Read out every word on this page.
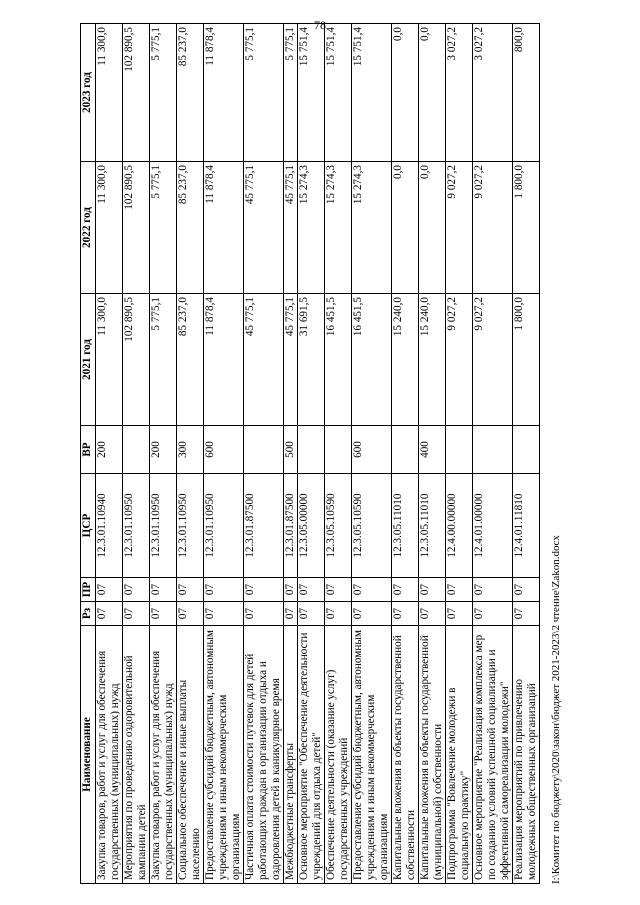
78
Наименование	Рз	ПР	ЦСР	ВР	2021 год	2022 год	2023 год
Закупка товаров, работ и услуг для обеспечения государственных (муниципальных) нужд	07	07	12.3.01.10940	200	11 300,0	11 300,0	11 300,0
Мероприятия по проведению оздоровительной кампании детей	07	07	12.3.01.10950		102 890,5	102 890,5	102 890,5
Закупка товаров, работ и услуг для обеспечения государственных (муниципальных) нужд	07	07	12.3.01.10950	200	5 775,1	5 775,1	5 775,1
Социальное обеспечение и иные выплаты населению	07	07	12.3.01.10950	300	85 237,0	85 237,0	85 237,0
Предоставление субсидий бюджетным, автономным учреждениям и иным некоммерческим организациям	07	07	12.3.01.10950	600	11 878,4	11 878,4	11 878,4
Частичная оплата стоимости путевок для детей работающих граждан в организации отдыха и оздоровления детей в каникулярное время	07	07	12.3.01.87500		45 775,1	45 775,1	5 775,1
Межбюджетные трансферты	07	07	12.3.01.87500	500	45 775,1	45 775,1	5 775,1
Основное мероприятие "Обеспечение деятельности учреждений для отдыха детей"	07	07	12.3.05.00000		31 691,5	15 274,3	15 751,4
Обеспечение деятельности (оказание услуг) государственных учреждений	07	07	12.3.05.10590		16 451,5	15 274,3	15 751,4
Предоставление субсидий бюджетным, автономным учреждениям и иным некоммерческим организациям	07	07	12.3.05.10590	600	16 451,5	15 274,3	15 751,4
Капитальные вложения в объекты государственной собственности	07	07	12.3.05.11010		15 240,0	0,0	0,0
Капитальные вложения в объекты государственной (муниципальной) собственности	07	07	12.3.05.11010	400	15 240,0	0,0	0,0
Подпрограмма "Вовлечение молодежи в социальную практику"	07	07	12.4.00.00000		9 027,2	9 027,2	3 027,2
Основное мероприятие "Реализация комплекса мер по созданию условий успешной социализации и эффективной самореализации молодежи"	07	07	12.4.01.00000		9 027,2	9 027,2	3 027,2
Реализация мероприятий по привлечению молодежных общественных организаций	07	07	12.4.01.11810		1 800,0	1 800,0	800,0
I:\Комитет по бюджету\2020\закон\бюджет 2021-2023\2 чтение\Zakon.docx
